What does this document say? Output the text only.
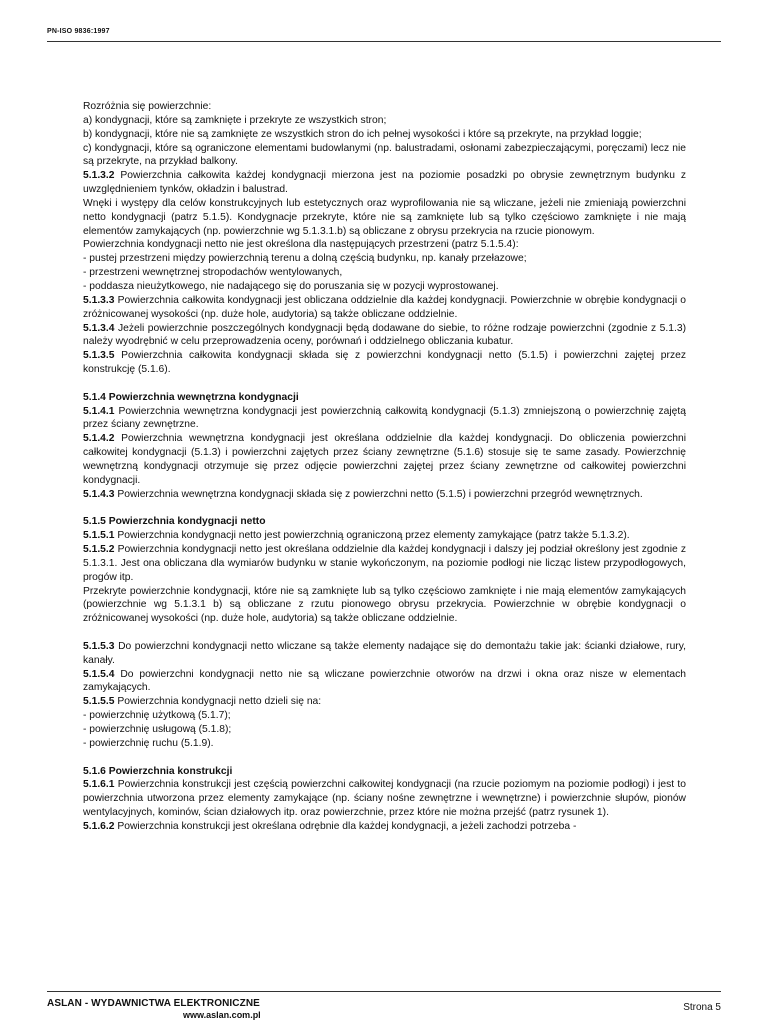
PN-ISO 9836:1997
Rozróżnia się powierzchnie:
a) kondygnacji, które są zamknięte i przekryte ze wszystkich stron;
b) kondygnacji, które nie są zamknięte ze wszystkich stron do ich pełnej wysokości i które są przekryte, na przykład loggie;
c) kondygnacji, które są ograniczone elementami budowlanymi (np. balustradami, osłonami zabezpieczającymi, poręczami) lecz nie są przekryte, na przykład balkony.
5.1.3.2 Powierzchnia całkowita każdej kondygnacji mierzona jest na poziomie posadzki po obrysie zewnętrznym budynku z uwzględnieniem tynków, okładzin i balustrad.
Wnęki i występy dla celów konstrukcyjnych lub estetycznych oraz wyprofilowania nie są wliczane, jeżeli nie zmieniają powierzchni netto kondygnacji (patrz 5.1.5). Kondygnacje przekryte, które nie są zamknięte lub są tylko częściowo zamknięte i nie mają elementów zamykających (np. powierzchnie wg 5.1.3.1.b) są obliczane z obrysu przekrycia na rzucie pionowym.
Powierzchnia kondygnacji netto nie jest określona dla następujących przestrzeni (patrz 5.1.5.4):
- pustej przestrzeni między powierzchnią terenu a dolną częścią budynku, np. kanały przełazowe;
- przestrzeni wewnętrznej stropodachów wentylowanych,
- poddasza nieużytkowego, nie nadającego się do poruszania się w pozycji wyprostowanej.
5.1.3.3 Powierzchnia całkowita kondygnacji jest obliczana oddzielnie dla każdej kondygnacji. Powierzchnie w obrębie kondygnacji o zróżnicowanej wysokości (np. duże hole, audytoria) są także obliczane oddzielnie.
5.1.3.4 Jeżeli powierzchnie poszczególnych kondygnacji będą dodawane do siebie, to różne rodzaje powierzchni (zgodnie z 5.1.3) należy wyodrębnić w celu przeprowadzenia oceny, porównań i oddzielnego obliczania kubatur.
5.1.3.5 Powierzchnia całkowita kondygnacji składa się z powierzchni kondygnacji netto (5.1.5) i powierzchni zajętej przez konstrukcję (5.1.6).
5.1.4 Powierzchnia wewnętrzna kondygnacji
5.1.4.1 Powierzchnia wewnętrzna kondygnacji jest powierzchnią całkowitą kondygnacji (5.1.3) zmniejszoną o powierzchnię zajętą przez ściany zewnętrzne.
5.1.4.2 Powierzchnia wewnętrzna kondygnacji jest określana oddzielnie dla każdej kondygnacji. Do obliczenia powierzchni całkowitej kondygnacji (5.1.3) i powierzchni zajętych przez ściany zewnętrzne (5.1.6) stosuje się te same zasady. Powierzchnię wewnętrzną kondygnacji otrzymuje się przez odjęcie powierzchni zajętej przez ściany zewnętrzne od całkowitej powierzchni kondygnacji.
5.1.4.3 Powierzchnia wewnętrzna kondygnacji składa się z powierzchni netto (5.1.5) i powierzchni przegród wewnętrznych.
5.1.5 Powierzchnia kondygnacji netto
5.1.5.1 Powierzchnia kondygnacji netto jest powierzchnią ograniczoną przez elementy zamykające (patrz także 5.1.3.2).
5.1.5.2 Powierzchnia kondygnacji netto jest określana oddzielnie dla każdej kondygnacji i dalszy jej podział określony jest zgodnie z 5.1.3.1. Jest ona obliczana dla wymiarów budynku w stanie wykończonym, na poziomie podłogi nie licząc listew przypodłogowych, progów itp.
Przekryte powierzchnie kondygnacji, które nie są zamknięte lub są tylko częściowo zamknięte i nie mają elementów zamykających (powierzchnie wg 5.1.3.1 b) są obliczane z rzutu pionowego obrysu przekrycia. Powierzchnie w obrębie kondygnacji o zróżnicowanej wysokości (np. duże hole, audytoria) są także obliczane oddzielnie.
5.1.5.3 Do powierzchni kondygnacji netto wliczane są także elementy nadające się do demontażu takie jak: ścianki działowe, rury, kanały.
5.1.5.4 Do powierzchni kondygnacji netto nie są wliczane powierzchnie otworów na drzwi i okna oraz nisze w elementach zamykających.
5.1.5.5 Powierzchnia kondygnacji netto dzieli się na:
- powierzchnię użytkową (5.1.7);
- powierzchnię usługową (5.1.8);
- powierzchnię ruchu (5.1.9).
5.1.6 Powierzchnia konstrukcji
5.1.6.1 Powierzchnia konstrukcji jest częścią powierzchni całkowitej kondygnacji (na rzucie poziomym na poziomie podłogi) i jest to powierzchnia utworzona przez elementy zamykające (np. ściany nośne zewnętrzne i wewnętrzne) i powierzchnie słupów, pionów wentylacyjnych, kominów, ścian działowych itp. oraz powierzchnie, przez które nie można przejść (patrz rysunek 1).
5.1.6.2 Powierzchnia konstrukcji jest określana odrębnie dla każdej kondygnacji, a jeżeli zachodzi potrzeba -
ASLAN - WYDAWNICTWA ELEKTRONICZNE
www.aslan.com.pl
Strona 5
